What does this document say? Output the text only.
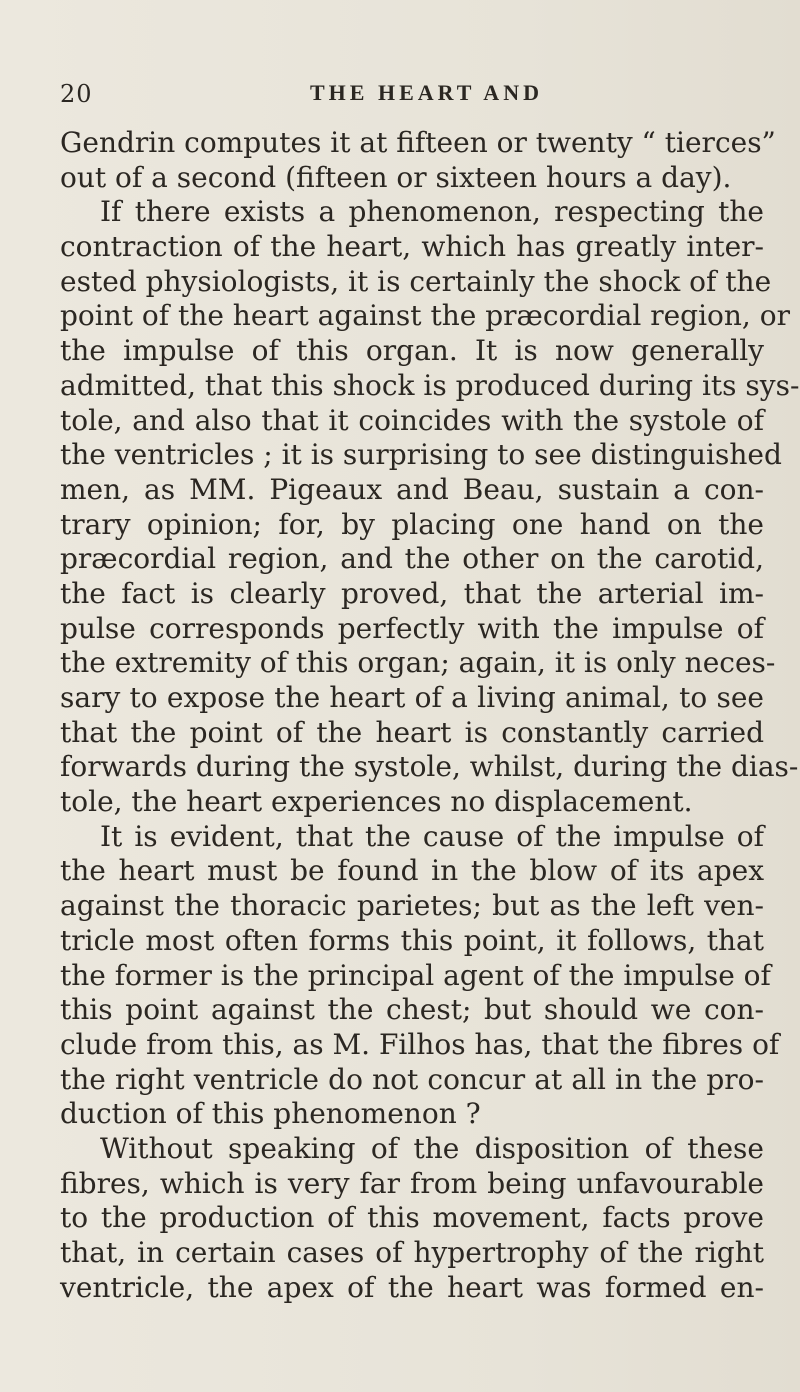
20	THE HEART AND
Gendrin computes it at fifteen or twenty “ tierces”
out of a second (fifteen or sixteen hours a day).
If there exists a phenomenon, respecting the
contraction of the heart, which has greatly inter-
ested physiologists, it is certainly the shock of the
point of the heart against the præcordial region, or
the impulse of this organ. It is now generally
admitted, that this shock is produced during its sys-
tole, and also that it coincides with the systole of
the ventricles ; it is surprising to see distinguished
men, as MM. Pigeaux and Beau, sustain a con-
trary opinion; for, by placing one hand on the
præcordial region, and the other on the carotid,
the fact is clearly proved, that the arterial im-
pulse corresponds perfectly with the impulse of
the extremity of this organ; again, it is only neces-
sary to expose the heart of a living animal, to see
that the point of the heart is constantly carried
forwards during the systole, whilst, during the dias-
tole, the heart experiences no displacement.
It is evident, that the cause of the impulse of
the heart must be found in the blow of its apex
against the thoracic parietes; but as the left ven-
tricle most often forms this point, it follows, that
the former is the principal agent of the impulse of
this point against the chest; but should we con-
clude from this, as M. Filhos has, that the fibres of
the right ventricle do not concur at all in the pro-
duction of this phenomenon ?
Without speaking of the disposition of these
fibres, which is very far from being unfavourable
to the production of this movement, facts prove
that, in certain cases of hypertrophy of the right
ventricle, the apex of the heart was formed en-
